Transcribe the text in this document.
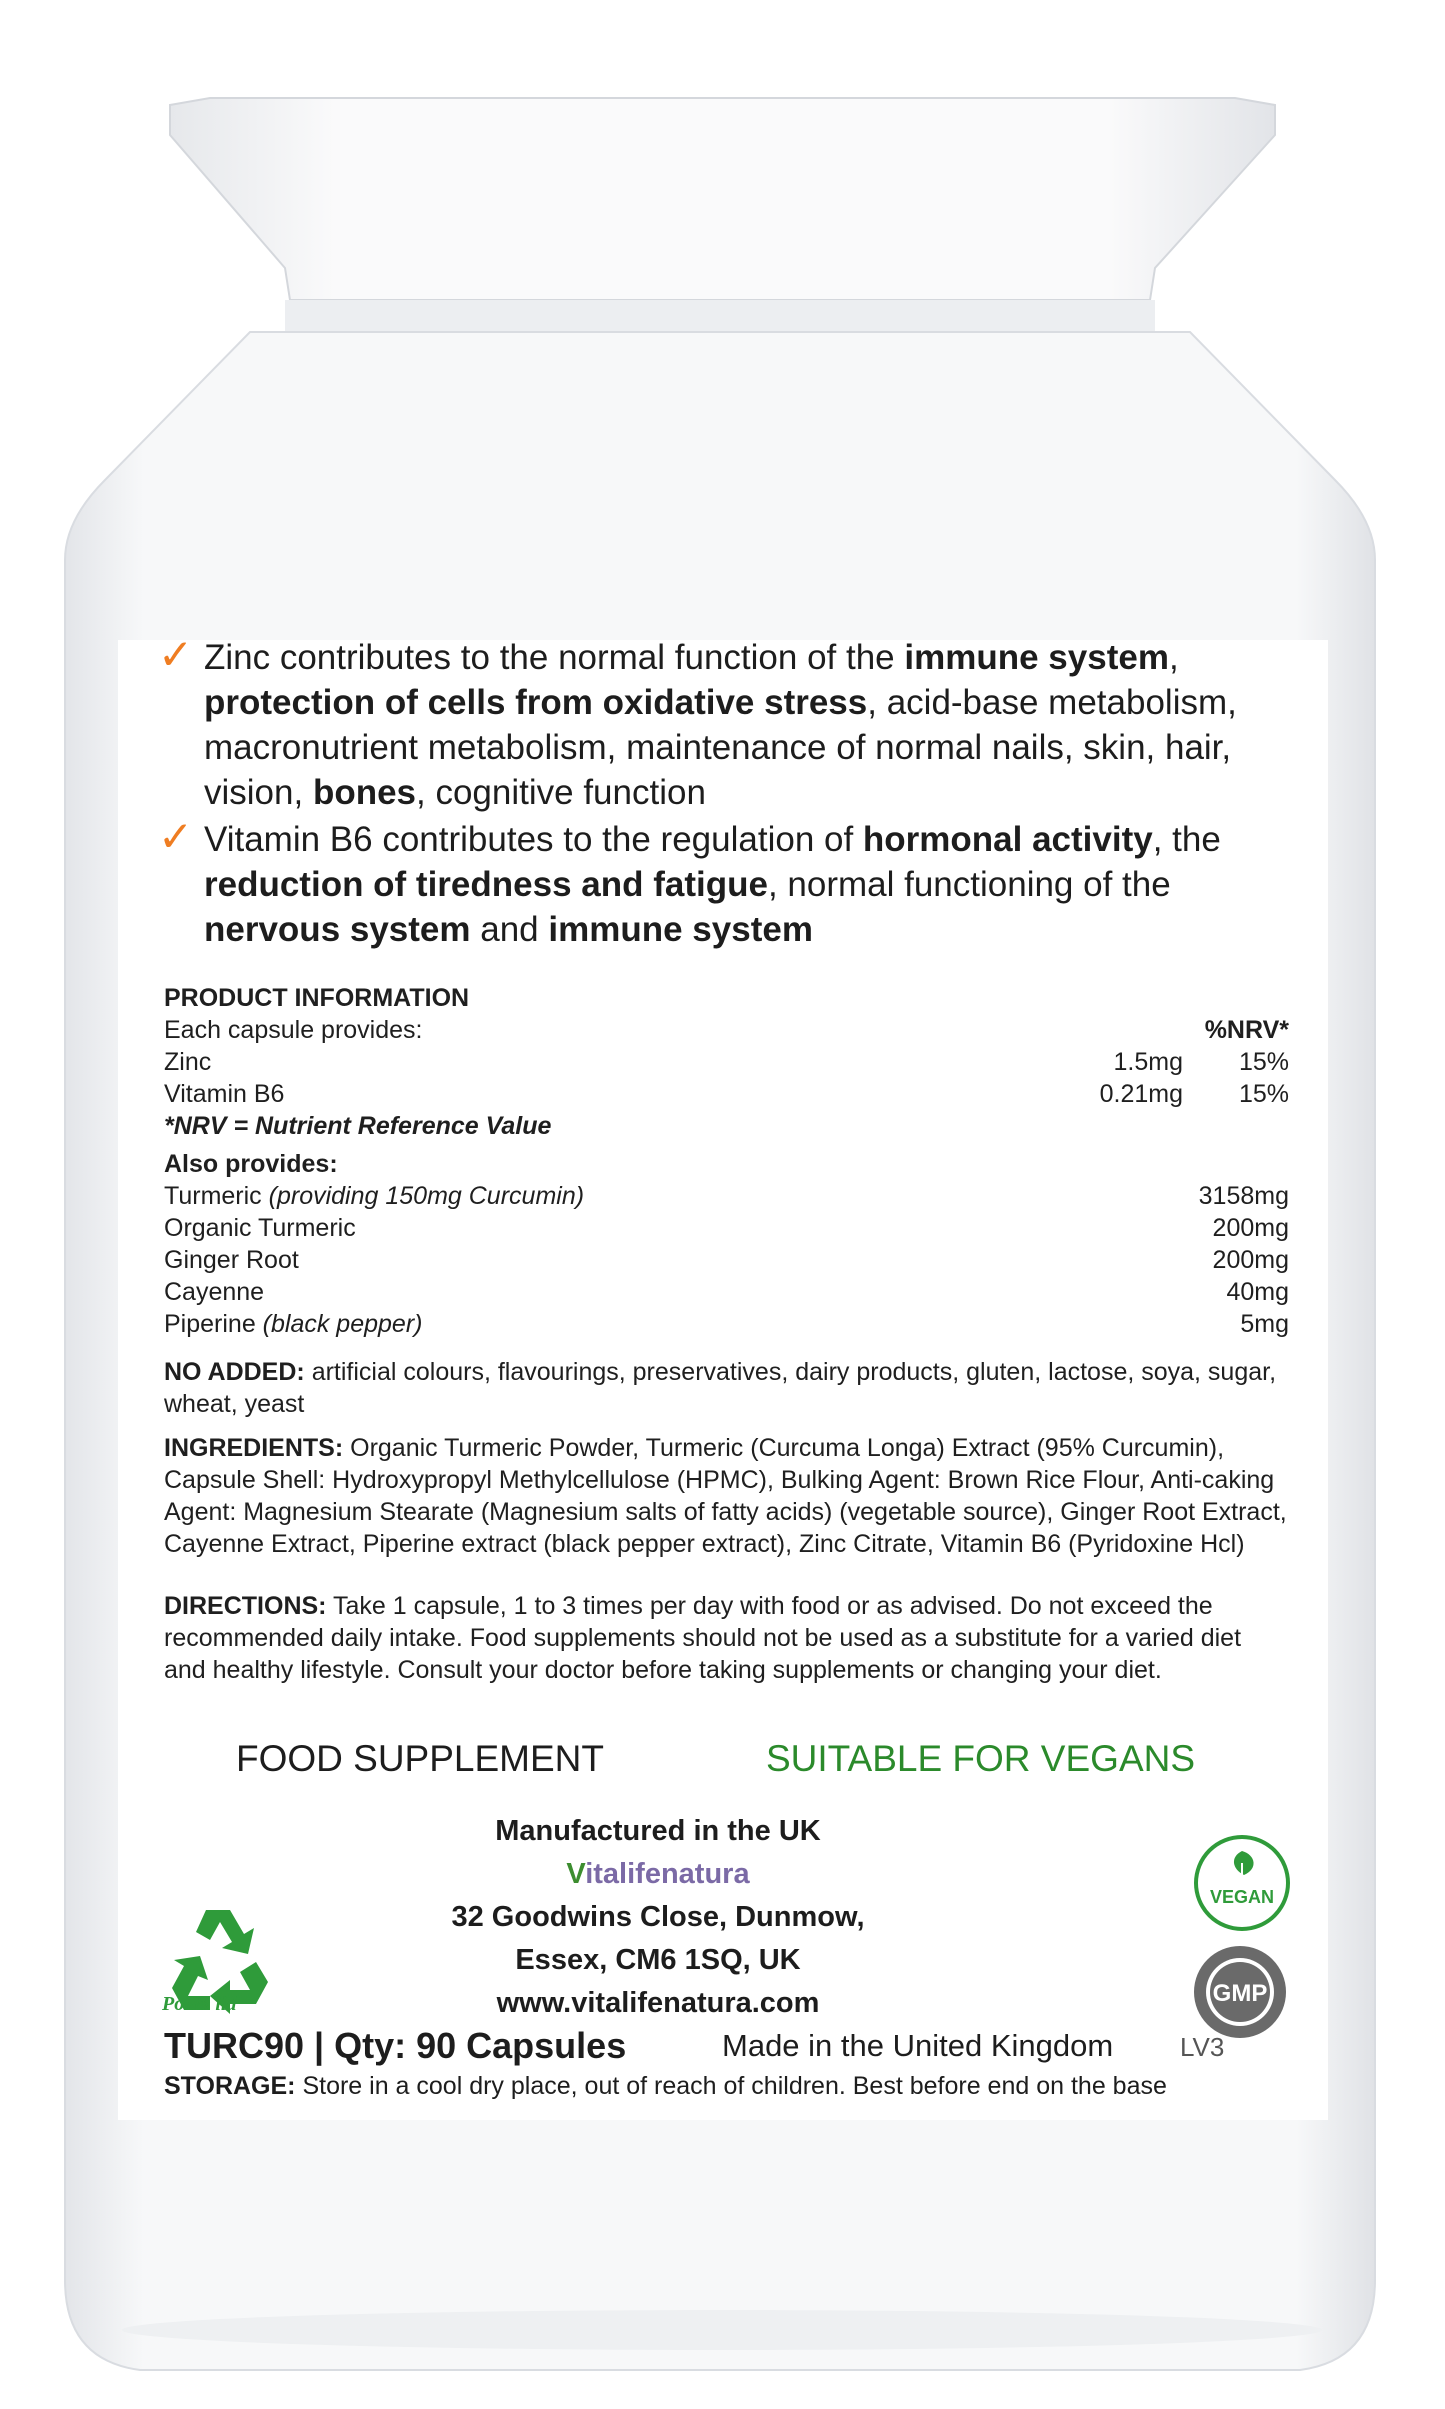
✓ Zinc contributes to the normal function of the immune system, protection of cells from oxidative stress, acid-base metabolism, macronutrient metabolism, maintenance of normal nails, skin, hair, vision, bones, cognitive function
✓ Vitamin B6 contributes to the regulation of hormonal activity, the reduction of tiredness and fatigue, normal functioning of the nervous system and immune system
PRODUCT INFORMATION
Each capsule provides:	%NRV*
Zinc	1.5mg 15%
Vitamin B6	0.21mg 15%
*NRV = Nutrient Reference Value
Also provides:
Turmeric (providing 150mg Curcumin)	3158mg
Organic Turmeric	200mg
Ginger Root	200mg
Cayenne	40mg
Piperine (black pepper)	5mg
NO ADDED: artificial colours, flavourings, preservatives, dairy products, gluten, lactose, soya, sugar, wheat, yeast
INGREDIENTS: Organic Turmeric Powder, Turmeric (Curcuma Longa) Extract (95% Curcumin), Capsule Shell: Hydroxypropyl Methylcellulose (HPMC), Bulking Agent: Brown Rice Flour, Anti-caking Agent: Magnesium Stearate (Magnesium salts of fatty acids) (vegetable source), Ginger Root Extract, Cayenne Extract, Piperine extract (black pepper extract), Zinc Citrate, Vitamin B6 (Pyridoxine Hcl)
DIRECTIONS: Take 1 capsule, 1 to 3 times per day with food or as advised. Do not exceed the recommended daily intake. Food supplements should not be used as a substitute for a varied diet and healthy lifestyle. Consult your doctor before taking supplements or changing your diet.
FOOD SUPPLEMENT	SUITABLE FOR VEGANS
Manufactured in the UK
Vitalifenatura
32 Goodwins Close, Dunmow,
Essex, CM6 1SQ, UK
www.vitalifenatura.com
Pot & lid
VEGAN
GMP
TURC90 | Qty: 90 Capsules	Made in the United Kingdom	LV3
STORAGE: Store in a cool dry place, out of reach of children. Best before end on the base
